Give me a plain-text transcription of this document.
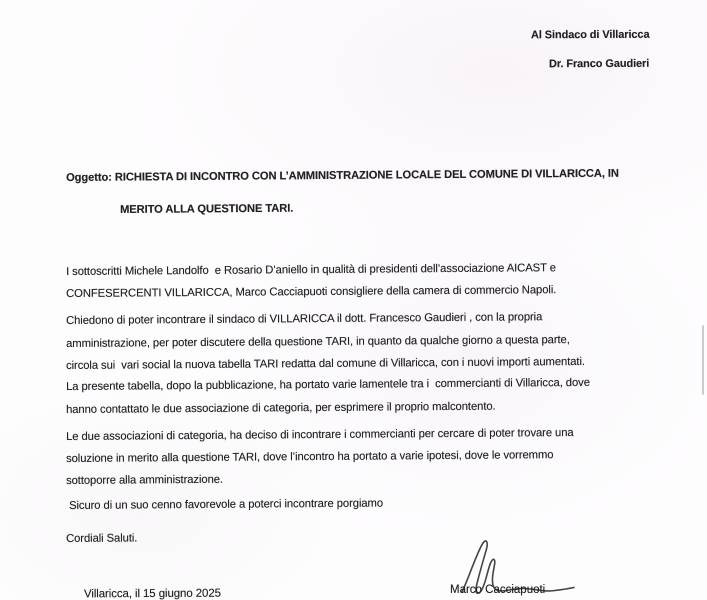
Al Sindaco di Villaricca
Dr. Franco Gaudieri
Oggetto: RICHIESTA DI INCONTRO CON L’AMMINISTRAZIONE LOCALE DEL COMUNE DI VILLARICCA, IN
MERITO ALLA QUESTIONE TARI.
I sottoscritti Michele Landolfo  e Rosario D’aniello in qualità di presidenti dell’associazione AICAST e
CONFESERCENTI VILLARICCA, Marco Cacciapuoti consigliere della camera di commercio Napoli.
Chiedono di poter incontrare il sindaco di VILLARICCA il dott. Francesco Gaudieri , con la propria
amministrazione, per poter discutere della questione TARI, in quanto da qualche giorno a questa parte,
circola sui  vari social la nuova tabella TARI redatta dal comune di Villaricca, con i nuovi importi aumentati.
La presente tabella, dopo la pubblicazione, ha portato varie lamentele tra i  commercianti di Villaricca, dove
hanno contattato le due associazione di categoria, per esprimere il proprio malcontento.
Le due associazioni di categoria, ha deciso di incontrare i commercianti per cercare di poter trovare una
soluzione in merito alla questione TARI, dove l’incontro ha portato a varie ipotesi, dove le vorremmo
sottoporre alla amministrazione.
Sicuro di un suo cenno favorevole a poterci incontrare porgiamo
Cordiali Saluti.
Villaricca, il 15 giugno 2025	Marco Cacciapuoti
